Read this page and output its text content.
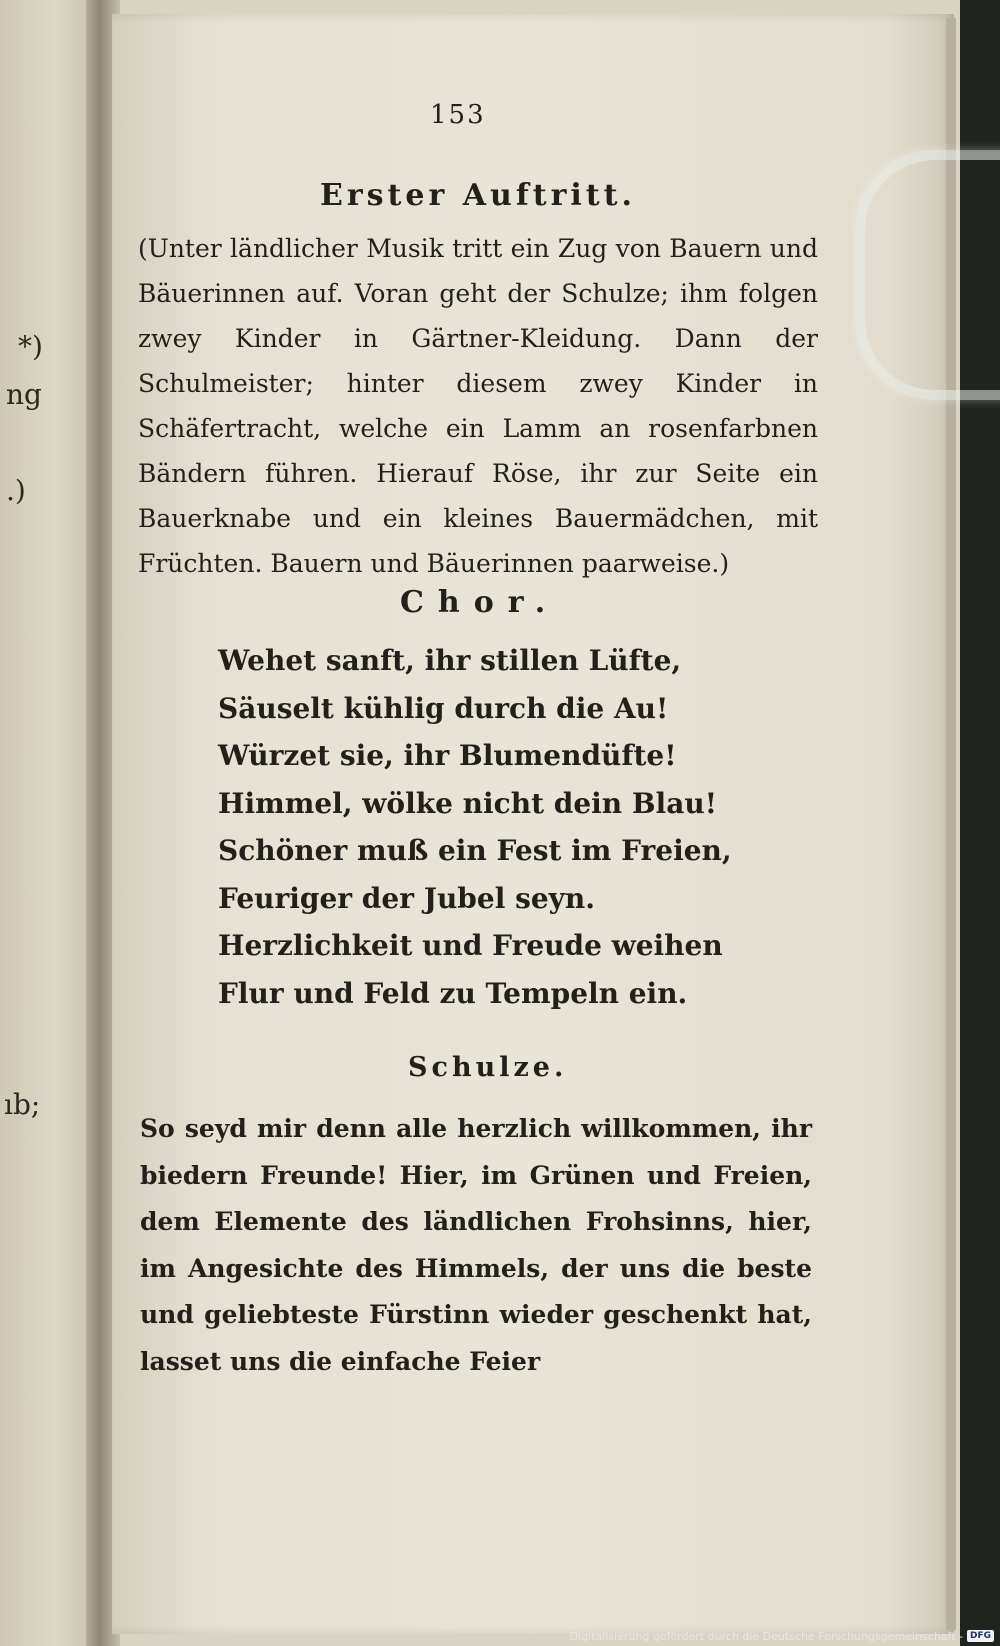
*)
ng
.)
ıb;
153
Erster Auftritt.
(Unter ländlicher Musik tritt ein Zug von Bauern und Bäuerinnen auf. Voran geht der Schulze; ihm folgen zwey Kinder in Gärtner-Kleidung. Dann der Schulmeister; hinter diesem zwey Kinder in Schäfertracht, welche ein Lamm an rosenfarbnen Bändern führen. Hierauf Röse, ihr zur Seite ein Bauerknabe und ein kleines Bauermädchen, mit Früchten. Bauern und Bäuerinnen paarweise.)
Chor.
Wehet sanft, ihr stillen Lüfte,
Säuselt kühlig durch die Au!
Würzet sie, ihr Blumendüfte!
Himmel, wölke nicht dein Blau!
Schöner muß ein Fest im Freien,
Feuriger der Jubel seyn.
Herzlichkeit und Freude weihen
Flur und Feld zu Tempeln ein.
Schulze.
So seyd mir denn alle herzlich willkommen, ihr biedern Freunde! Hier, im Grünen und Freien, dem Elemente des ländlichen Frohsinns, hier, im Angesichte des Himmels, der uns die beste und geliebteste Fürstinn wieder geschenkt hat, lasset uns die einfache Feier
Digitalisierung gefördert durch die Deutsche Forschungsgemeinschaft - DFG
